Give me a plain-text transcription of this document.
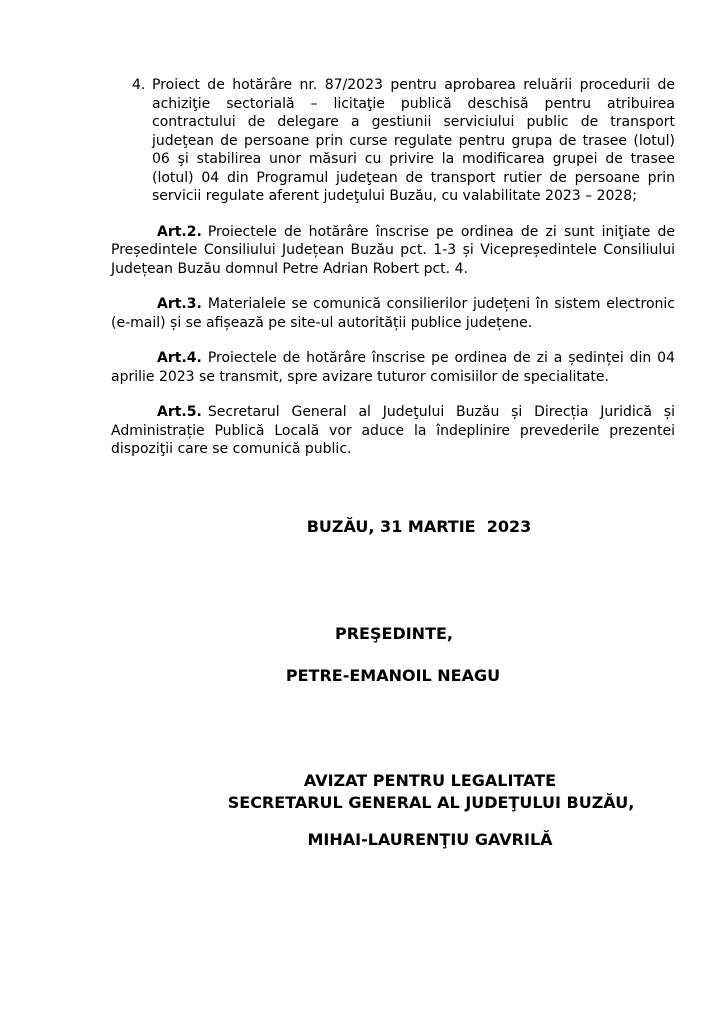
4. Proiect de hotărâre nr. 87/2023 pentru aprobarea reluării procedurii de achiziţie sectorială – licitaţie publică deschisă pentru atribuirea contractului de delegare a gestiunii serviciului public de transport judeţean de persoane prin curse regulate pentru grupa de trasee (lotul) 06 şi stabilirea unor măsuri cu privire la modificarea grupei de trasee (lotul) 04 din Programul judeţean de transport rutier de persoane prin servicii regulate aferent judeţului Buzău, cu valabilitate 2023 – 2028;

Art.2. Proiectele de hotărâre înscrise pe ordinea de zi sunt iniţiate de Președintele Consiliului Județean Buzău pct. 1-3 și Vicepreședintele Consiliului Județean Buzău domnul Petre Adrian Robert pct. 4.

Art.3. Materialele se comunică consilierilor județeni în sistem electronic (e-mail) și se afișează pe site-ul autorității publice județene.

Art.4. Proiectele de hotărâre înscrise pe ordinea de zi a ședinței din 04 aprilie 2023 se transmit, spre avizare tuturor comisiilor de specialitate.

Art.5. Secretarul General al Judeţului Buzău și Direcția Juridică și Administrație Publică Locală vor aduce la îndeplinire prevederile prezentei dispoziţii care se comunică public.

BUZĂU, 31 MARTIE  2023
PREŞEDINTE,
PETRE-EMANOIL NEAGU
AVIZAT PENTRU LEGALITATE
SECRETARUL GENERAL AL JUDEŢULUI BUZĂU,
MIHAI-LAURENŢIU GAVRILĂ
